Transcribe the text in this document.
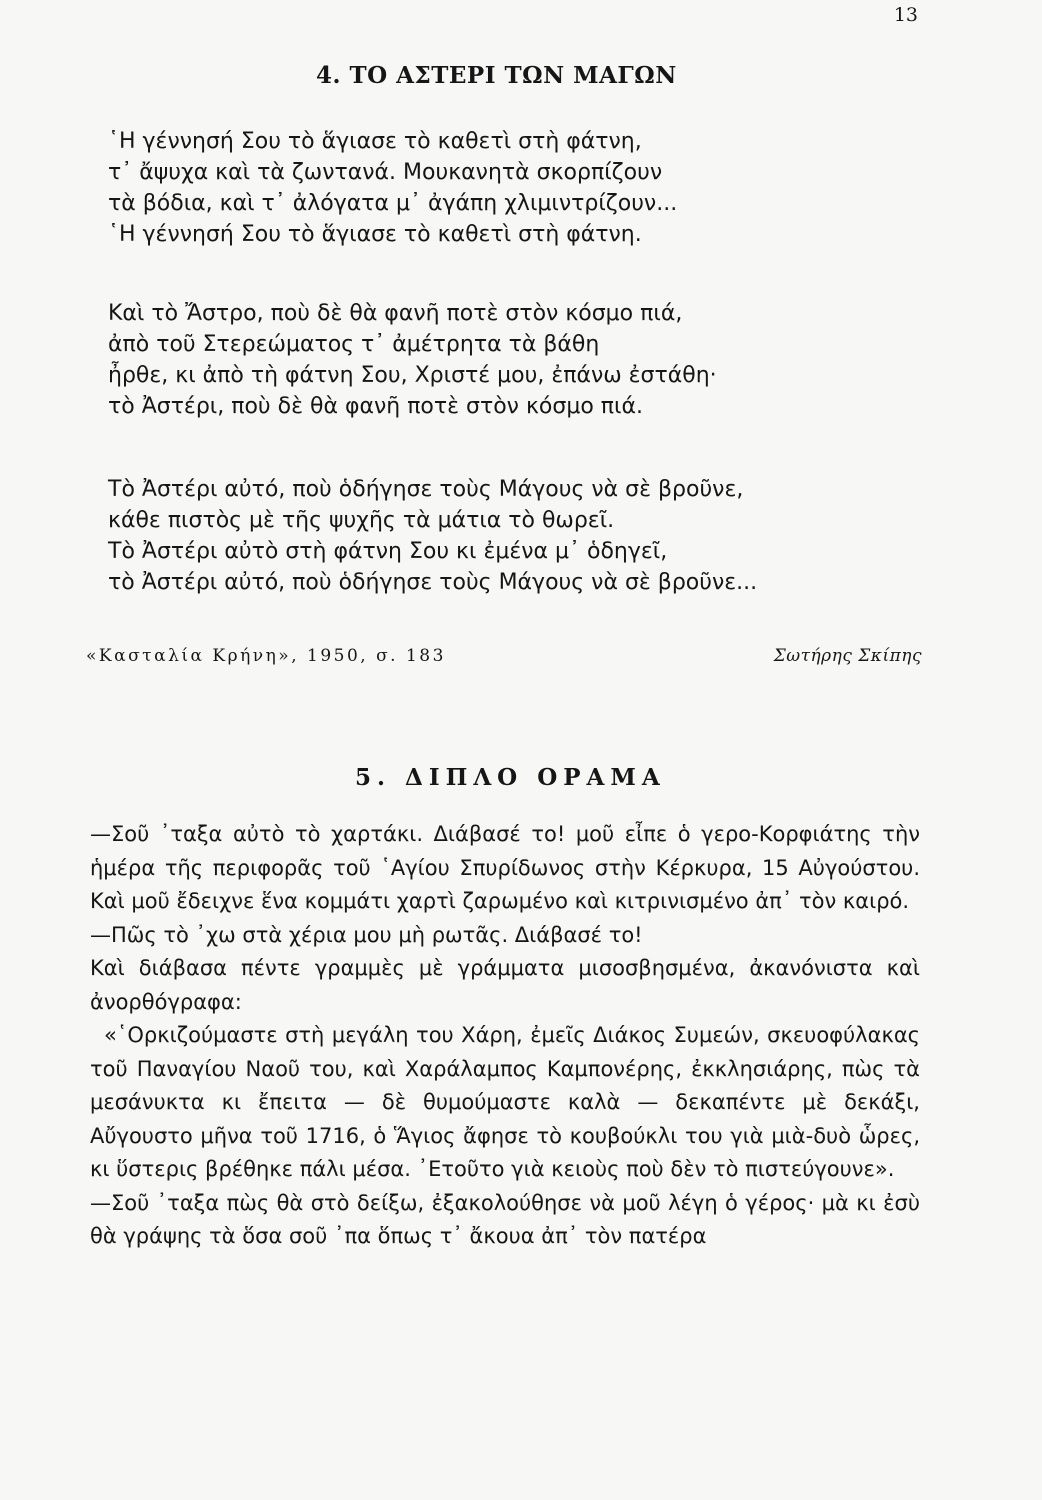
13
4. ΤΟ ΑΣΤΕΡΙ ΤΩΝ ΜΑΓΩΝ
῾Η γέννησή Σου τὸ ἅγιασε τὸ καθετὶ στὴ φάτνη,
τ᾿ ἄψυχα καὶ τὰ ζωντανά. Μουκανητὰ σκορπίζουν
τὰ βόδια, καὶ τ᾿ ἀλόγατα μ᾿ ἀγάπη χλιμιντρίζουν...
῾Η γέννησή Σου τὸ ἅγιασε τὸ καθετὶ στὴ φάτνη.
Καὶ τὸ Ἄστρο, ποὺ δὲ θὰ φανῆ ποτὲ στὸν κόσμο πιά,
ἀπὸ τοῦ Στερεώματος τ᾿ ἀμέτρητα τὰ βάθη
ἦρθε, κι ἀπὸ τὴ φάτνη Σου, Χριστέ μου, ἐπάνω ἐστάθη·
τὸ Ἀστέρι, ποὺ δὲ θὰ φανῆ ποτὲ στὸν κόσμο πιά.
Τὸ Ἀστέρι αὐτό, ποὺ ὁδήγησε τοὺς Μάγους νὰ σὲ βροῦνε,
κάθε πιστὸς μὲ τῆς ψυχῆς τὰ μάτια τὸ θωρεῖ.
Τὸ Ἀστέρι αὐτὸ στὴ φάτνη Σου κι ἐμένα μ᾿ ὁδηγεῖ,
τὸ Ἀστέρι αὐτό, ποὺ ὁδήγησε τοὺς Μάγους νὰ σὲ βροῦνε...
«Κασταλία Κρήνη», 1950, σ. 183	Σωτήρης Σκίπης
5. ΔΙΠΛΟ ΟΡΑΜΑ

—Σοῦ ᾿ταξα αὐτὸ τὸ χαρτάκι. Διάβασέ το! μοῦ εἶπε ὁ γερο-Κορφιάτης τὴν ἡμέρα τῆς περιφορᾶς τοῦ ῾Αγίου Σπυρίδωνος στὴν Κέρκυρα, 15 Αὐγούστου. Καὶ μοῦ ἔδειχνε ἕνα κομμάτι χαρτὶ ζαρωμένο καὶ κιτρινισμένο ἀπ᾿ τὸν καιρό.

—Πῶς τὸ ᾿χω στὰ χέρια μου μὴ ρωτᾶς. Διάβασέ το!

Καὶ διάβασα πέντε γραμμὲς μὲ γράμματα μισοσβησμένα, ἀκανόνιστα καὶ ἀνορθόγραφα:

«῾Ορκιζούμαστε στὴ μεγάλη του Χάρη, ἐμεῖς Διάκος Συμεών, σκευοφύλακας τοῦ Παναγίου Ναοῦ του, καὶ Χαράλαμπος Καμπονέρης, ἐκκλησιάρης, πὼς τὰ μεσάνυκτα κι ἔπειτα — δὲ θυμούμαστε καλὰ — δεκαπέντε μὲ δεκάξι, Αὔγουστο μῆνα τοῦ 1716, ὁ Ἅγιος ἄφησε τὸ κουβούκλι του γιὰ μιὰ-δυὸ ὧρες, κι ὕστερις βρέθηκε πάλι μέσα. ᾿Ετοῦτο γιὰ κειοὺς ποὺ δὲν τὸ πιστεύγουνε».

—Σοῦ ᾿ταξα πὼς θὰ στὸ δείξω, ἐξακολούθησε νὰ μοῦ λέγη ὁ γέρος· μὰ κι ἐσὺ θὰ γράψης τὰ ὅσα σοῦ ᾿πα ὅπως τ᾿ ἄκουα ἀπ᾿ τὸν πατέρα
